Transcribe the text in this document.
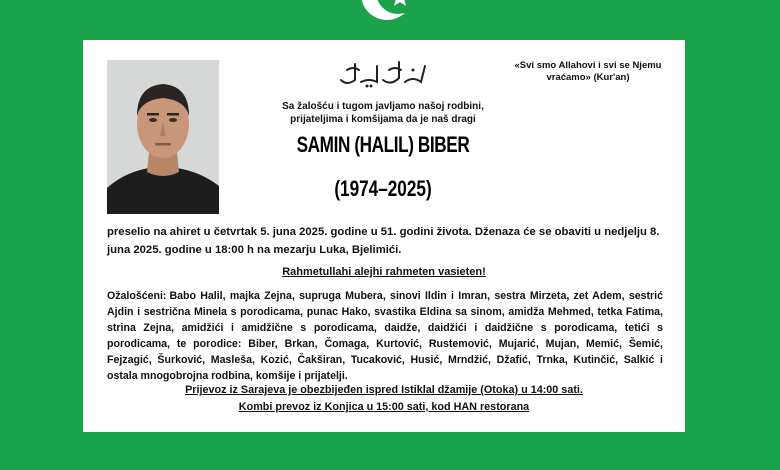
«Svi smo Allahovi i svi se Njemu vraćamo» (Kur'an)
Sa žalošću i tugom javljamo našoj rodbini,
prijateljima i komšijama da je naš dragi
SAMIN (HALIL) BIBER
(1974–2025)
preselio na ahiret u četvrtak 5. juna 2025. godine u 51. godini života. Dženaza će se obaviti u nedjelju 8. juna 2025. godine u 18:00 h na mezarju Luka, Bjelimići.
Rahmetullahi alejhi rahmeten vasieten!
Ožalošćeni: Babo Halil, majka Zejna, supruga Mubera, sinovi Ildin i Imran, sestra Mirzeta, zet Adem, sestrić Ajdin i sestrična Minela s porodicama, punac Hako, svastika Eldina sa sinom, amidža Mehmed, tetka Fatima, strina Zejna, amidžići i amidžične s porodicama, daidže, daidžići i daidžične s porodicama, tetići s porodicama, te porodice: Biber, Brkan, Čomaga, Kurtović, Rustemović, Mujarić, Mujan, Memić, Šemić, Fejzagić, Šurković, Masleša, Kozić, Čakširan, Tucaković, Husić, Mrndžić, Džafić, Trnka, Kutinčić, Salkić i ostala mnogobrojna rodbina, komšije i prijatelji.
Prijevoz iz Sarajeva je obezbijeđen ispred Istiklal džamije (Otoka) u 14:00 sati.
Kombi prevoz iz Konjica u 15:00 sati, kod HAN restorana
